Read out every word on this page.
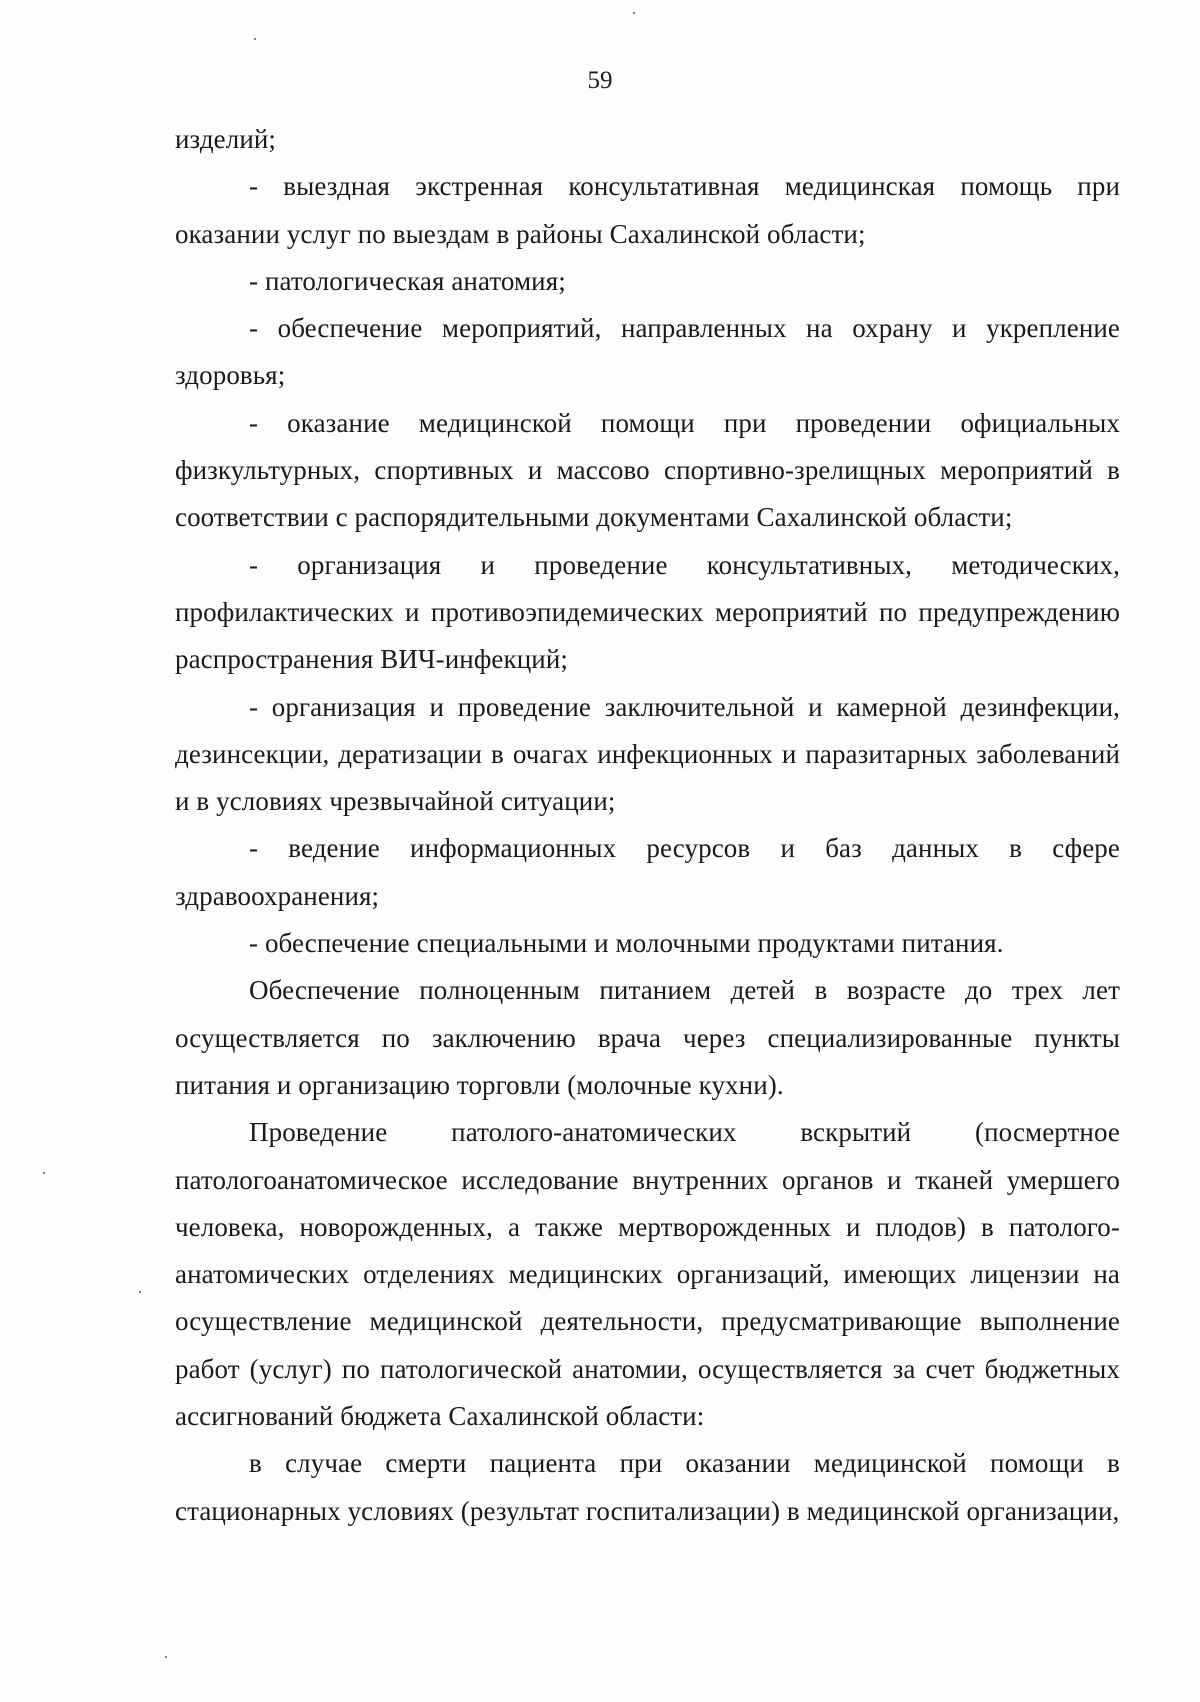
59

изделий;

- выездная экстренная консультативная медицинская помощь при оказании услуг по выездам в районы Сахалинской области;

- патологическая анатомия;

- обеспечение мероприятий, направленных на охрану и укрепление здоровья;

- оказание медицинской помощи при проведении официальных физкультурных, спортивных и массово спортивно-зрелищных мероприятий в соответствии с распорядительными документами Сахалинской области;

- организация и проведение консультативных, методических, профилактических и противоэпидемических мероприятий по предупреждению распространения ВИЧ-инфекций;

- организация и проведение заключительной и камерной дезинфекции, дезинсекции, дератизации в очагах инфекционных и паразитарных заболеваний и в условиях чрезвычайной ситуации;

- ведение информационных ресурсов и баз данных в сфере здравоохранения;

- обеспечение специальными и молочными продуктами питания.

Обеспечение полноценным питанием детей в возрасте до трех лет осуществляется по заключению врача через специализированные пункты питания и организацию торговли (молочные кухни).

Проведение патолого-анатомических вскрытий (посмертное патологоанатомическое исследование внутренних органов и тканей умершего человека, новорожденных, а также мертворожденных и плодов) в патолого-анатомических отделениях медицинских организаций, имеющих лицензии на осуществление медицинской деятельности, предусматривающие выполнение работ (услуг) по патологической анатомии, осуществляется за счет бюджетных ассигнований бюджета Сахалинской области:

в случае смерти пациента при оказании медицинской помощи в стационарных условиях (результат госпитализации) в медицинской организации,
